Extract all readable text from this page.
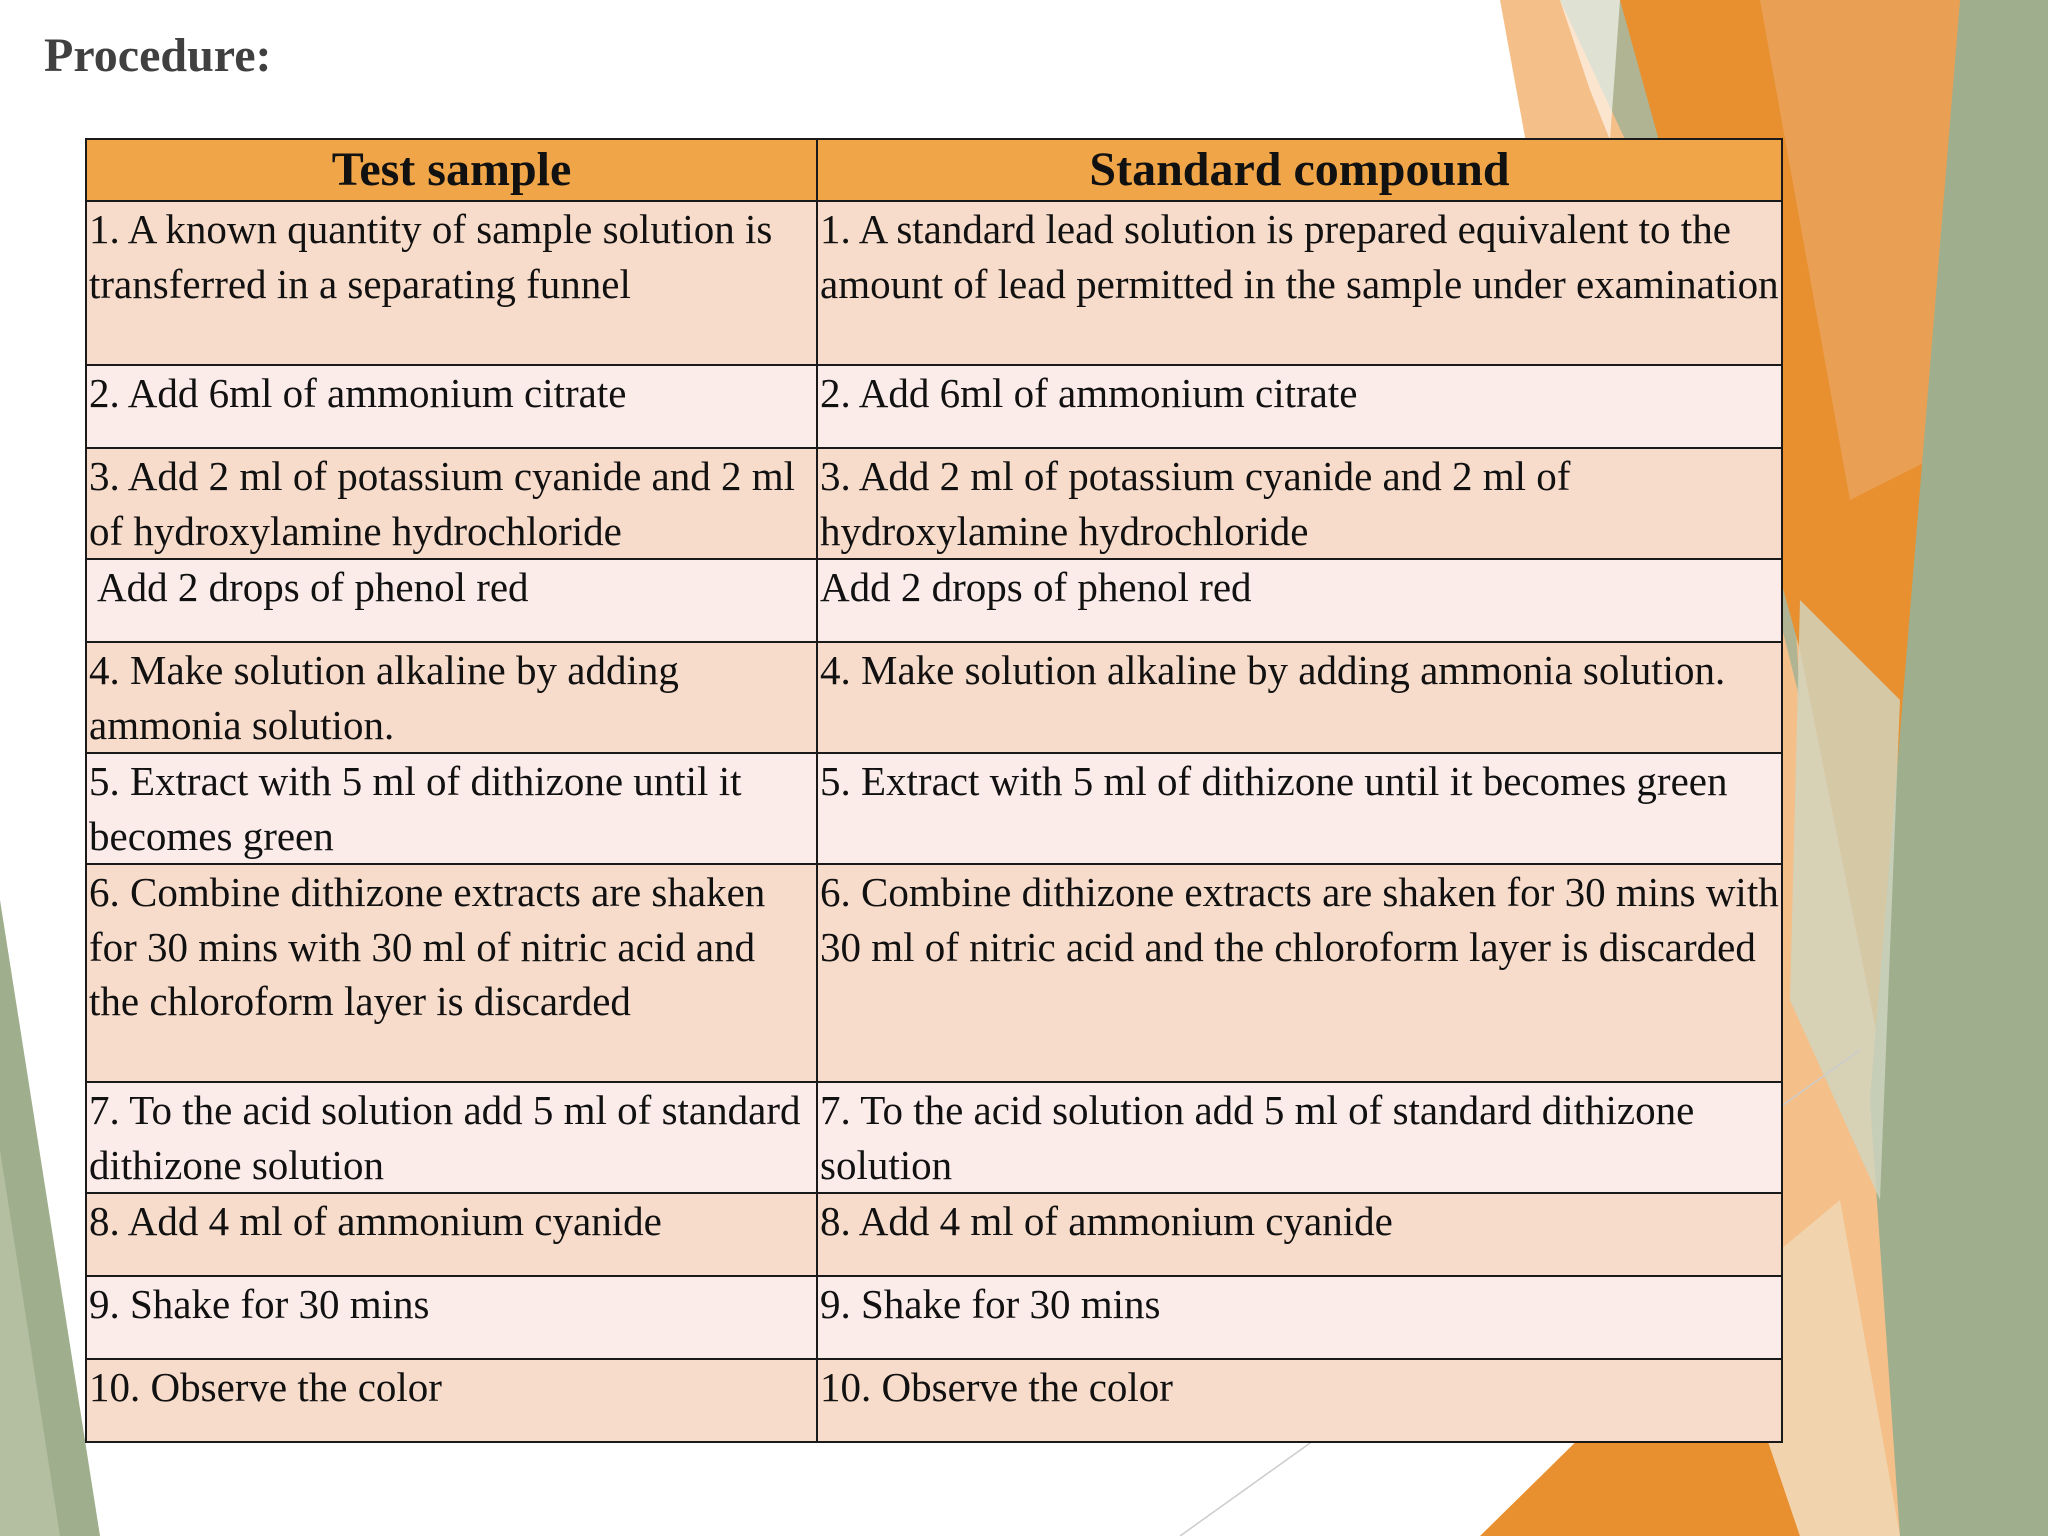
Procedure:
Test sample	Standard compound
1. A known quantity of sample solution is transferred in a separating funnel	1. A standard lead solution is prepared equivalent to the amount of lead permitted in the sample under examination
2. Add 6ml of ammonium citrate	2. Add 6ml of ammonium citrate
3. Add 2 ml of potassium cyanide and 2 ml of hydroxylamine hydrochloride	3. Add 2 ml of potassium cyanide and 2 ml of hydroxylamine hydrochloride
Add 2 drops of phenol red	Add 2 drops of phenol red
4. Make solution alkaline by adding ammonia solution.	4. Make solution alkaline by adding ammonia solution.
5. Extract with 5 ml of dithizone until it becomes green	5. Extract with 5 ml of dithizone until it becomes green
6. Combine dithizone extracts are shaken for 30 mins with 30 ml of nitric acid and the chloroform layer is discarded	6. Combine dithizone extracts are shaken for 30 mins with 30 ml of nitric acid and the chloroform layer is discarded
7. To the acid solution add 5 ml of standard dithizone solution	7. To the acid solution add 5 ml of standard dithizone solution
8. Add 4 ml of ammonium cyanide	8. Add 4 ml of ammonium cyanide
9. Shake for 30 mins	9. Shake for 30 mins
10. Observe the color	10. Observe the color
